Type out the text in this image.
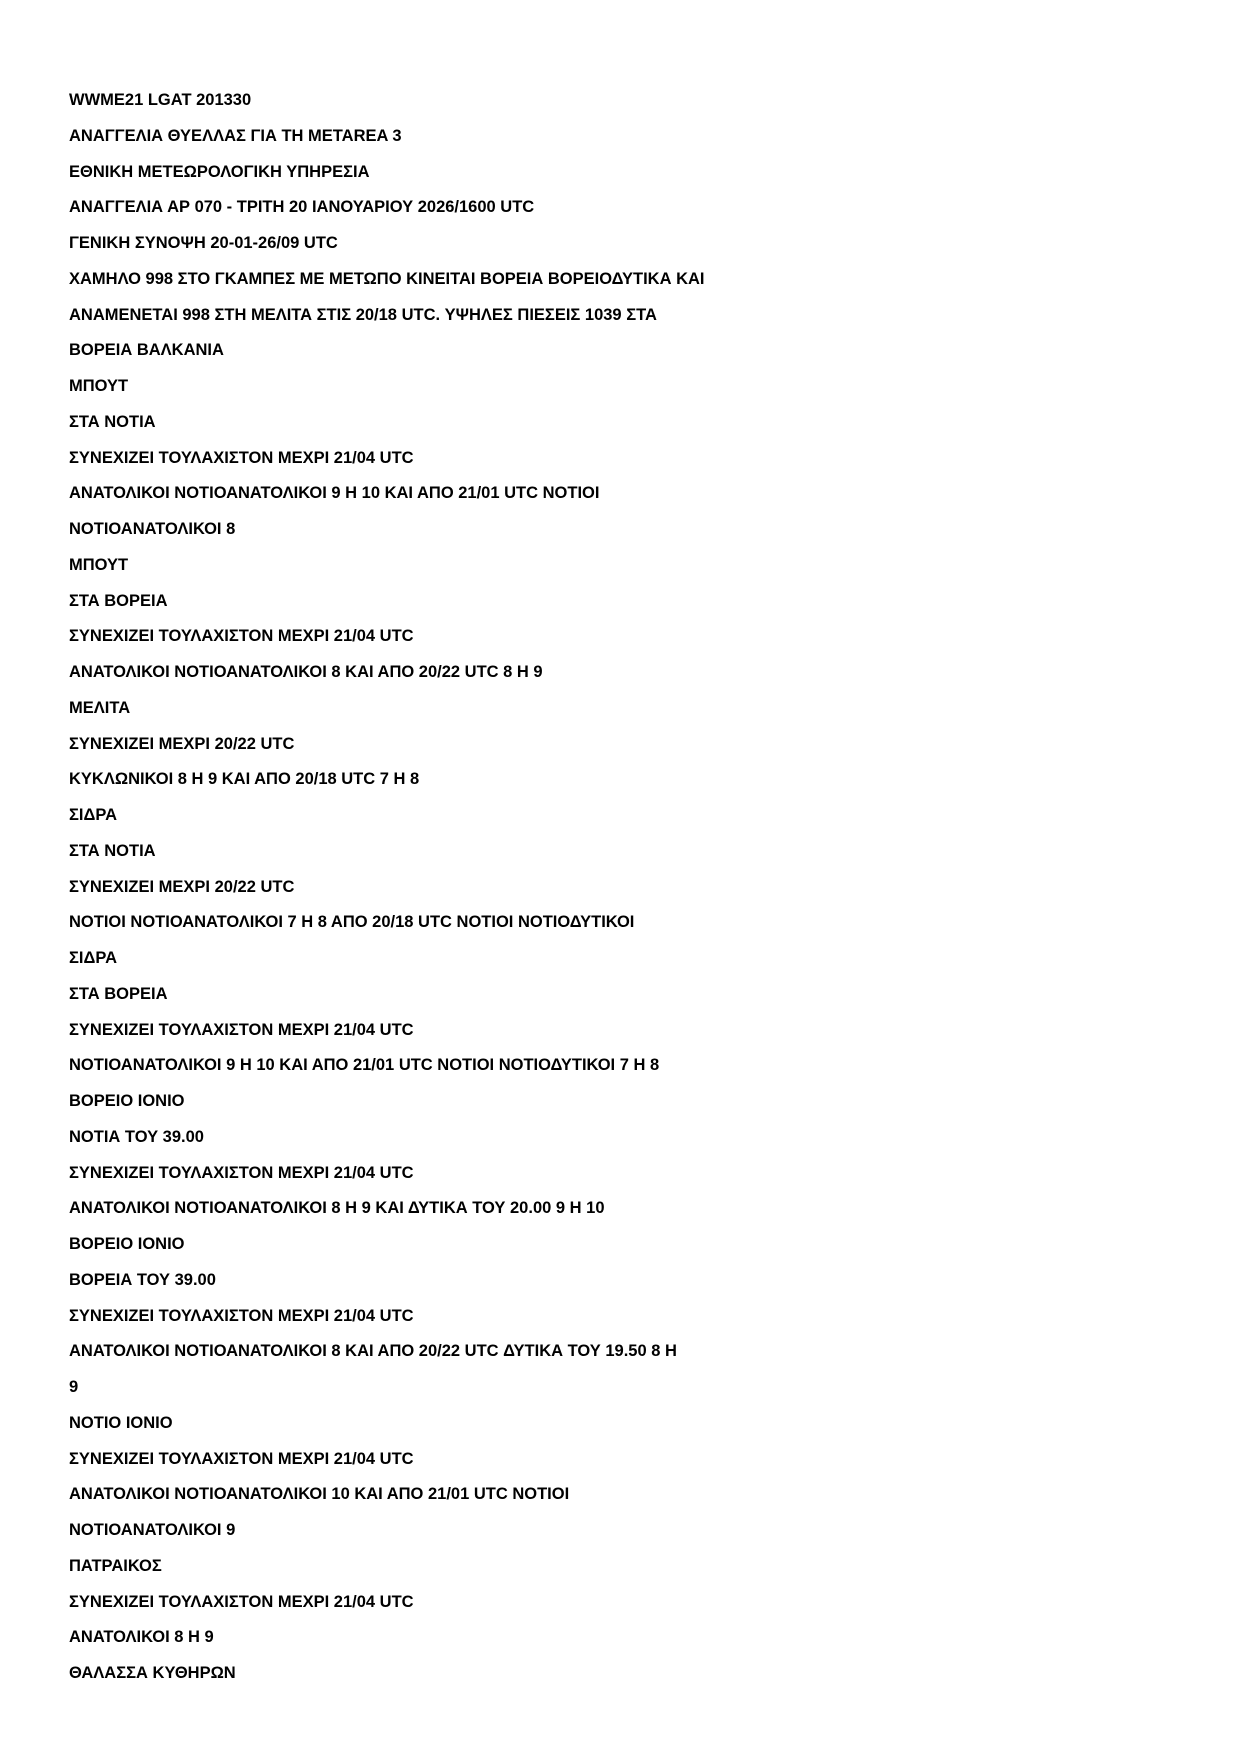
WWME21 LGAT 201330
ΑΝΑΓΓΕΛΙΑ ΘΥΕΛΛΑΣ ΓΙΑ ΤΗ METAREA 3
ΕΘΝΙΚΗ ΜΕΤΕΩΡΟΛΟΓΙΚΗ ΥΠΗΡΕΣΙΑ
ΑΝΑΓΓΕΛΙΑ ΑΡ 070 - ΤΡΙΤΗ 20 ΙΑΝΟΥΑΡΙΟΥ 2026/1600 UTC
ΓΕΝΙΚΗ ΣΥΝΟΨΗ 20-01-26/09 UTC
ΧΑΜΗΛΟ 998 ΣΤΟ ΓΚΑΜΠΕΣ ΜΕ ΜΕΤΩΠΟ ΚΙΝΕΙΤΑΙ ΒΟΡΕΙΑ ΒΟΡΕΙΟΔΥΤΙΚΑ ΚΑΙ
ΑΝΑΜΕΝΕΤΑΙ 998 ΣΤΗ ΜΕΛΙΤΑ ΣΤΙΣ 20/18 UTC. ΥΨΗΛΕΣ ΠΙΕΣΕΙΣ 1039 ΣΤΑ
ΒΟΡΕΙΑ ΒΑΛΚΑΝΙΑ
ΜΠΟΥΤ
ΣΤΑ ΝΟΤΙΑ
ΣΥΝΕΧΙΖΕΙ ΤΟΥΛΑΧΙΣΤΟΝ ΜΕΧΡΙ 21/04 UTC
ΑΝΑΤΟΛΙΚΟΙ ΝΟΤΙΟΑΝΑΤΟΛΙΚΟΙ 9 Η 10 ΚΑΙ ΑΠΟ 21/01 UTC ΝΟΤΙΟΙ
ΝΟΤΙΟΑΝΑΤΟΛΙΚΟΙ 8
ΜΠΟΥΤ
ΣΤΑ ΒΟΡΕΙΑ
ΣΥΝΕΧΙΖΕΙ ΤΟΥΛΑΧΙΣΤΟΝ ΜΕΧΡΙ 21/04 UTC
ΑΝΑΤΟΛΙΚΟΙ ΝΟΤΙΟΑΝΑΤΟΛΙΚΟΙ 8 ΚΑΙ ΑΠΟ 20/22 UTC 8 Η 9
ΜΕΛΙΤΑ
ΣΥΝΕΧΙΖΕΙ ΜΕΧΡΙ 20/22 UTC
ΚΥΚΛΩΝΙΚΟΙ 8 Η 9 ΚΑΙ ΑΠΟ 20/18 UTC 7 Η 8
ΣΙΔΡΑ
ΣΤΑ ΝΟΤΙΑ
ΣΥΝΕΧΙΖΕΙ ΜΕΧΡΙ 20/22 UTC
ΝΟΤΙΟΙ ΝΟΤΙΟΑΝΑΤΟΛΙΚΟΙ 7 Η 8 ΑΠΟ 20/18 UTC ΝΟΤΙΟΙ ΝΟΤΙΟΔΥΤΙΚΟΙ
ΣΙΔΡΑ
ΣΤΑ ΒΟΡΕΙΑ
ΣΥΝΕΧΙΖΕΙ ΤΟΥΛΑΧΙΣΤΟΝ ΜΕΧΡΙ 21/04 UTC
ΝΟΤΙΟΑΝΑΤΟΛΙΚΟΙ 9 Η 10 ΚΑΙ ΑΠΟ 21/01 UTC ΝΟΤΙΟΙ ΝΟΤΙΟΔΥΤΙΚΟΙ 7 Η 8
ΒΟΡΕΙΟ ΙΟΝΙΟ
ΝΟΤΙΑ ΤΟΥ 39.00
ΣΥΝΕΧΙΖΕΙ ΤΟΥΛΑΧΙΣΤΟΝ ΜΕΧΡΙ 21/04 UTC
ΑΝΑΤΟΛΙΚΟΙ ΝΟΤΙΟΑΝΑΤΟΛΙΚΟΙ 8 Η 9 ΚΑΙ ΔΥΤΙΚΑ ΤΟΥ 20.00 9 Η 10
ΒΟΡΕΙΟ ΙΟΝΙΟ
ΒΟΡΕΙΑ ΤΟΥ 39.00
ΣΥΝΕΧΙΖΕΙ ΤΟΥΛΑΧΙΣΤΟΝ ΜΕΧΡΙ 21/04 UTC
ΑΝΑΤΟΛΙΚΟΙ ΝΟΤΙΟΑΝΑΤΟΛΙΚΟΙ 8 ΚΑΙ ΑΠΟ 20/22 UTC ΔΥΤΙΚΑ ΤΟΥ 19.50 8 Η
9
ΝΟΤΙΟ ΙΟΝΙΟ
ΣΥΝΕΧΙΖΕΙ ΤΟΥΛΑΧΙΣΤΟΝ ΜΕΧΡΙ 21/04 UTC
ΑΝΑΤΟΛΙΚΟΙ ΝΟΤΙΟΑΝΑΤΟΛΙΚΟΙ 10 ΚΑΙ ΑΠΟ 21/01 UTC ΝΟΤΙΟΙ
ΝΟΤΙΟΑΝΑΤΟΛΙΚΟΙ 9
ΠΑΤΡΑΙΚΟΣ
ΣΥΝΕΧΙΖΕΙ ΤΟΥΛΑΧΙΣΤΟΝ ΜΕΧΡΙ 21/04 UTC
ΑΝΑΤΟΛΙΚΟΙ 8 Η 9
ΘΑΛΑΣΣΑ ΚΥΘΗΡΩΝ
